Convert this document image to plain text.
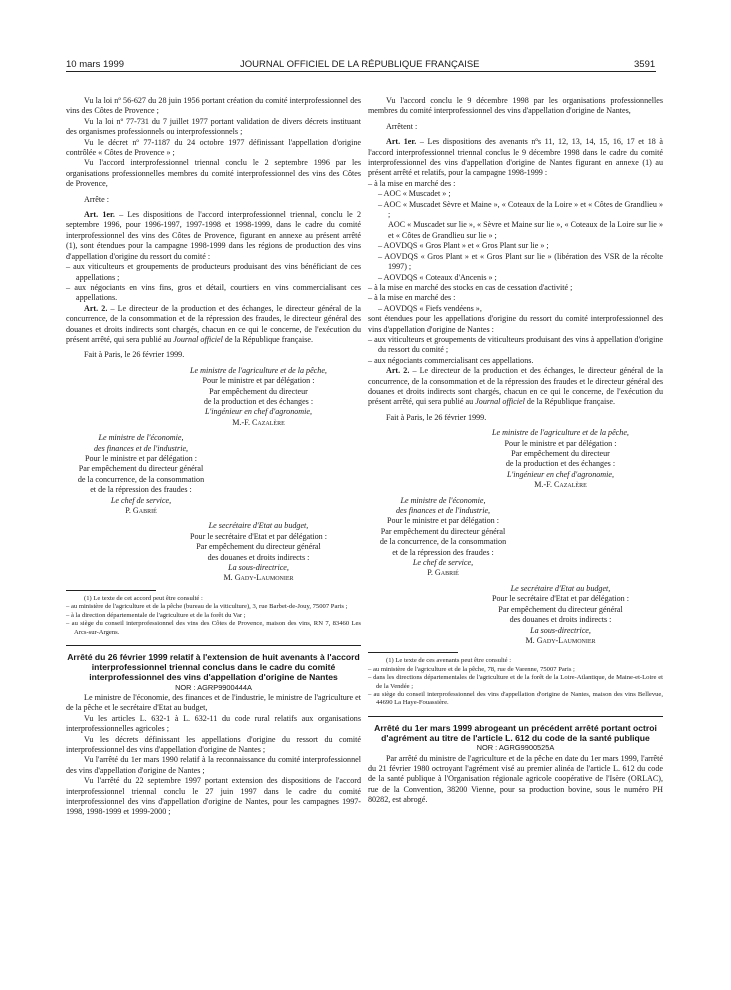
10 mars 1999	JOURNAL OFFICIEL DE LA RÉPUBLIQUE FRANÇAISE	3591

Vu la loi nº 56-627 du 28 juin 1956 portant création du comité interprofessionnel des vins des Côtes de Provence ;

Vu la loi nº 77-731 du 7 juillet 1977 portant validation de divers décrets instituant des organismes professionnels ou interprofessionnels ;

Vu le décret nº 77-1187 du 24 octobre 1977 définissant l'appellation d'origine contrôlée « Côtes de Provence » ;

Vu l'accord interprofessionnel triennal conclu le 2 septembre 1996 par les organisations professionnelles membres du comité interprofessionnel des vins des Côtes de Provence,

Arrête :

Art. 1er. – Les dispositions de l'accord interprofessionnel triennal, conclu le 2 septembre 1996, pour 1996-1997, 1997-1998 et 1998-1999, dans le cadre du comité interprofessionnel des vins des Côtes de Provence, figurant en annexe au présent arrêté (1), sont étendues pour la campagne 1998-1999 dans les régions de production des vins d'appellation d'origine du ressort du comité :

– aux viticulteurs et groupements de producteurs produisant des vins bénéficiant de ces appellations ;

– aux négociants en vins fins, gros et détail, courtiers en vins commercialisant ces appellations.

Art. 2. – Le directeur de la production et des échanges, le directeur général de la concurrence, de la consommation et de la répression des fraudes, le directeur général des douanes et droits indirects sont chargés, chacun en ce qui le concerne, de l'exécution du présent arrêté, qui sera publié au Journal officiel de la République française.

Fait à Paris, le 26 février 1999.

Le ministre de l'agriculture et de la pêche,

Pour le ministre et par délégation :

Par empêchement du directeur

de la production et des échanges :

L'ingénieur en chef d'agronomie,

M.-F. Cazalère

Le ministre de l'économie,

des finances et de l'industrie,

Pour le ministre et par délégation :

Par empêchement du directeur général

de la concurrence, de la consommation

et de la répression des fraudes :

Le chef de service,

P. Gabrié

Le secrétaire d'Etat au budget,

Pour le secrétaire d'Etat et par délégation :

Par empêchement du directeur général

des douanes et droits indirects :

La sous-directrice,

M. Gady-Laumonier

(1) Le texte de cet accord peut être consulté :

– au ministère de l'agriculture et de la pêche (bureau de la viticulture), 3, rue Barbet-de-Jouy, 75007 Paris ;

– à la direction départementale de l'agriculture et de la forêt du Var ;

– au siège du conseil interprofessionnel des vins des Côtes de Provence, maison des vins, RN 7, 83460 Les Arcs-sur-Argens.

Arrêté du 26 février 1999 relatif à l'extension de huit avenants à l'accord interprofessionnel triennal conclus dans le cadre du comité interprofessionnel des vins d'appellation d'origine de Nantes

NOR : AGRP9900444A

Le ministre de l'économie, des finances et de l'industrie, le ministre de l'agriculture et de la pêche et le secrétaire d'Etat au budget,

Vu les articles L. 632-1 à L. 632-11 du code rural relatifs aux organisations interprofessionnelles agricoles ;

Vu les décrets définissant les appellations d'origine du ressort du comité interprofessionnel des vins d'appellation d'origine de Nantes ;

Vu l'arrêté du 1er mars 1990 relatif à la reconnaissance du comité interprofessionnel des vins d'appellation d'origine de Nantes ;

Vu l'arrêté du 22 septembre 1997 portant extension des dispositions de l'accord interprofessionnel triennal conclu le 27 juin 1997 dans le cadre du comité interprofessionnel des vins d'appellation d'origine de Nantes, pour les campagnes 1997-1998, 1998-1999 et 1999-2000 ;

Vu l'accord conclu le 9 décembre 1998 par les organisations professionnelles membres du comité interprofessionnel des vins d'appellation d'origine de Nantes,

Arrêtent :

Art. 1er. – Les dispositions des avenants nºs 11, 12, 13, 14, 15, 16, 17 et 18 à l'accord interprofessionnel triennal conclus le 9 décembre 1998 dans le cadre du comité interprofessionnel des vins d'appellation d'origine de Nantes figurant en annexe (1) au présent arrêté et relatifs, pour la campagne 1998-1999 :

– à la mise en marché des :

– AOC « Muscadet » ;

– AOC « Muscadet Sèvre et Maine », « Coteaux de la Loire » et « Côtes de Grandlieu » ;

AOC « Muscadet sur lie », « Sèvre et Maine sur lie », « Coteaux de la Loire sur lie » et « Côtes de Grandlieu sur lie » ;

– AOVDQS « Gros Plant » et « Gros Plant sur lie » ;

– AOVDQS « Gros Plant » et « Gros Plant sur lie » (libération des VSR de la récolte 1997) ;

– AOVDQS « Coteaux d'Ancenis » ;

– à la mise en marché des stocks en cas de cessation d'activité ;

– à la mise en marché des :

– AOVDQS « Fiefs vendéens »,

sont étendues pour les appellations d'origine du ressort du comité interprofessionnel des vins d'appellation d'origine de Nantes :

– aux viticulteurs et groupements de viticulteurs produisant des vins à appellation d'origine du ressort du comité ;

– aux négociants commercialisant ces appellations.

Art. 2. – Le directeur de la production et des échanges, le directeur général de la concurrence, de la consommation et de la répression des fraudes et le directeur général des douanes et droits indirects sont chargés, chacun en ce qui le concerne, de l'exécution du présent arrêté, qui sera publié au Journal officiel de la République française.

Fait à Paris, le 26 février 1999.

Le ministre de l'agriculture et de la pêche,

Pour le ministre et par délégation :

Par empêchement du directeur

de la production et des échanges :

L'ingénieur en chef d'agronomie,

M.-F. Cazalère

Le ministre de l'économie,

des finances et de l'industrie,

Pour le ministre et par délégation :

Par empêchement du directeur général

de la concurrence, de la consommation

et de la répression des fraudes :

Le chef de service,

P. Gabrié

Le secrétaire d'Etat au budget,

Pour le secrétaire d'Etat et par délégation :

Par empêchement du directeur général

des douanes et droits indirects :

La sous-directrice,

M. Gady-Laumonier

(1) Le texte de ces avenants peut être consulté :

– au ministère de l'agriculture et de la pêche, 78, rue de Varenne, 75007 Paris ;

– dans les directions départementales de l'agriculture et de la forêt de la Loire-Atlantique, de Maine-et-Loire et de la Vendée ;

– au siège du conseil interprofessionnel des vins d'appellation d'origine de Nantes, maison des vins Bellevue, 44690 La Haye-Fouassière.

Arrêté du 1er mars 1999 abrogeant un précédent arrêté portant octroi d'agrément au titre de l'article L. 612 du code de la santé publique

NOR : AGRG9900525A

Par arrêté du ministre de l'agriculture et de la pêche en date du 1er mars 1999, l'arrêté du 21 février 1980 octroyant l'agrément visé au premier alinéa de l'article L. 612 du code de la santé publique à l'Organisation régionale agricole coopérative de l'Isère (ORLAC), rue de la Convention, 38200 Vienne, pour sa production bovine, sous le numéro PH 80282, est abrogé.
